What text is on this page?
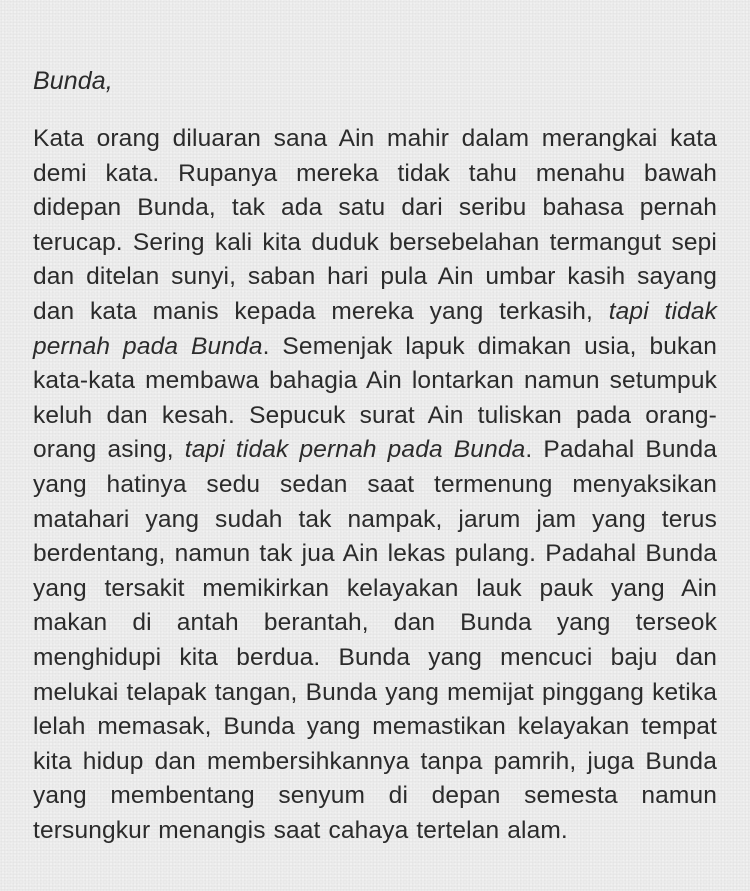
Bunda,

Kata orang diluaran sana Ain mahir dalam merangkai kata demi kata. Rupanya mereka tidak tahu menahu bawah didepan Bunda, tak ada satu dari seribu bahasa pernah terucap. Sering kali kita duduk bersebelahan termangut sepi dan ditelan sunyi, saban hari pula Ain umbar kasih sayang dan kata manis kepada mereka yang terkasih, tapi tidak pernah pada Bunda. Semenjak lapuk dimakan usia, bukan kata-kata membawa bahagia Ain lontarkan namun setumpuk keluh dan kesah. Sepucuk surat Ain tuliskan pada orang-orang asing, tapi tidak pernah pada Bunda. Padahal Bunda yang hatinya sedu sedan saat termenung menyaksikan matahari yang sudah tak nampak, jarum jam yang terus berdentang, namun tak jua Ain lekas pulang. Padahal Bunda yang tersakit memikirkan kelayakan lauk pauk yang Ain makan di antah berantah, dan Bunda yang terseok menghidupi kita berdua. Bunda yang mencuci baju dan melukai telapak tangan, Bunda yang memijat pinggang ketika lelah memasak, Bunda yang memastikan kelayakan tempat kita hidup dan membersihkannya tanpa pamrih, juga Bunda yang membentang senyum di depan semesta namun tersungkur menangis saat cahaya tertelan alam.
